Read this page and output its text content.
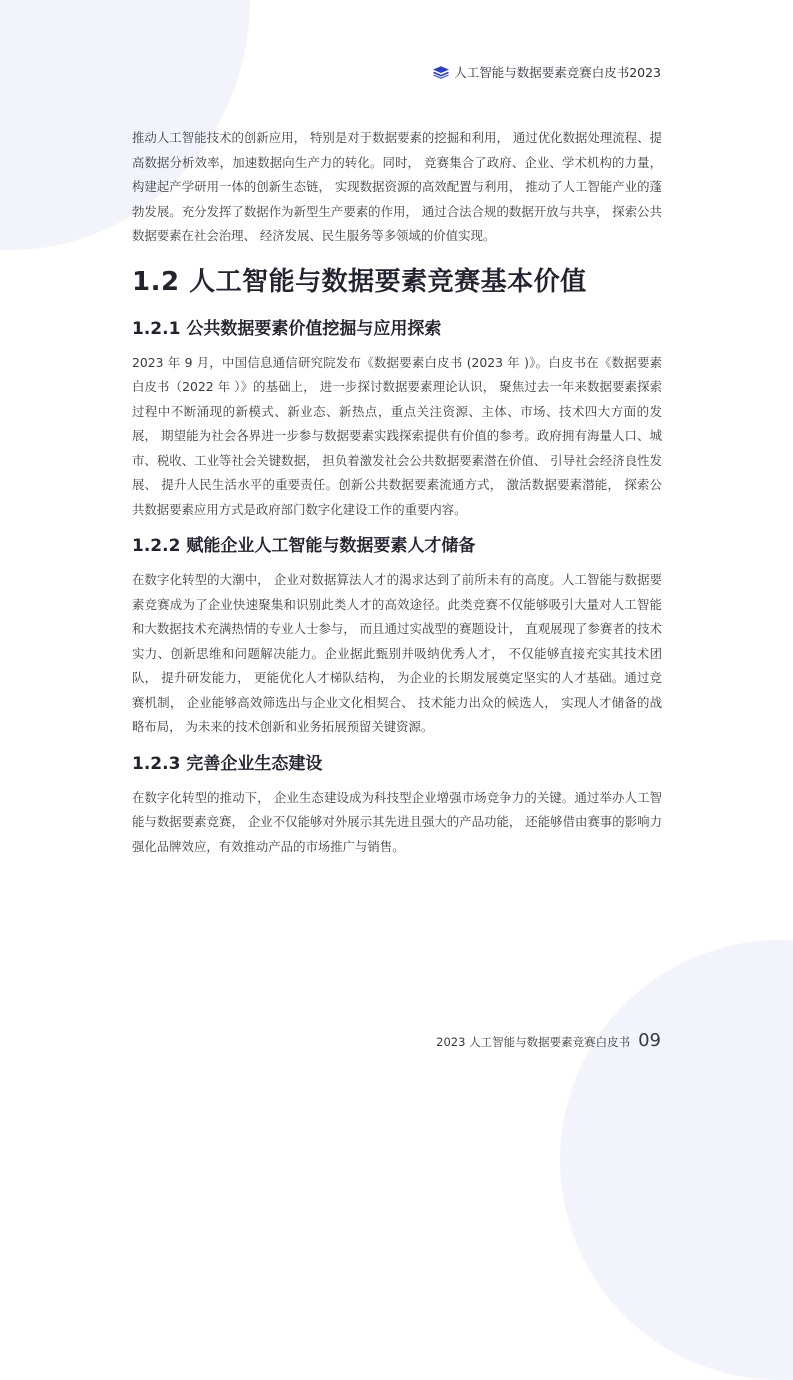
人工智能与数据要素竞赛白皮书2023

推动人工智能技术的创新应用， 特别是对于数据要素的挖掘和利用， 通过优化数据处理流程、提高数据分析效率，加速数据向生产力的转化。同时， 竞赛集合了政府、企业、学术机构的力量， 构建起产学研用一体的创新生态链， 实现数据资源的高效配置与利用， 推动了人工智能产业的蓬勃发展。充分发挥了数据作为新型生产要素的作用， 通过合法合规的数据开放与共享， 探索公共数据要素在社会治理、 经济发展、民生服务等多领域的价值实现。

1.2 人工智能与数据要素竞赛基本价值
1.2.1 公共数据要素价值挖掘与应用探索

2023 年 9 月，中国信息通信研究院发布《数据要素白皮书 (2023 年 )》。白皮书在《数据要素白皮书（2022 年 ）》的基础上， 进一步探讨数据要素理论认识， 聚焦过去一年来数据要素探索过程中不断涌现的新模式、新业态、新热点，重点关注资源、主体、市场、技术四大方面的发展， 期望能为社会各界进一步参与数据要素实践探索提供有价值的参考。政府拥有海量人口、城市、税收、工业等社会关键数据， 担负着激发社会公共数据要素潜在价值、 引导社会经济良性发展、 提升人民生活水平的重要责任。创新公共数据要素流通方式， 激活数据要素潜能， 探索公共数据要素应用方式是政府部门数字化建设工作的重要内容。

1.2.2 赋能企业人工智能与数据要素人才储备

在数字化转型的大潮中， 企业对数据算法人才的渴求达到了前所未有的高度。人工智能与数据要素竞赛成为了企业快速聚集和识别此类人才的高效途径。此类竞赛不仅能够吸引大量对人工智能和大数据技术充满热情的专业人士参与， 而且通过实战型的赛题设计， 直观展现了参赛者的技术实力、创新思维和问题解决能力。企业据此甄别并吸纳优秀人才， 不仅能够直接充实其技术团队， 提升研发能力， 更能优化人才梯队结构， 为企业的长期发展奠定坚实的人才基础。通过竞赛机制， 企业能够高效筛选出与企业文化相契合、 技术能力出众的候选人， 实现人才储备的战略布局， 为未来的技术创新和业务拓展预留关键资源。

1.2.3 完善企业生态建设

在数字化转型的推动下， 企业生态建设成为科技型企业增强市场竞争力的关键。通过举办人工智能与数据要素竞赛， 企业不仅能够对外展示其先进且强大的产品功能， 还能够借由赛事的影响力强化品牌效应，有效推动产品的市场推广与销售。

2023 人工智能与数据要素竞赛白皮书 09
